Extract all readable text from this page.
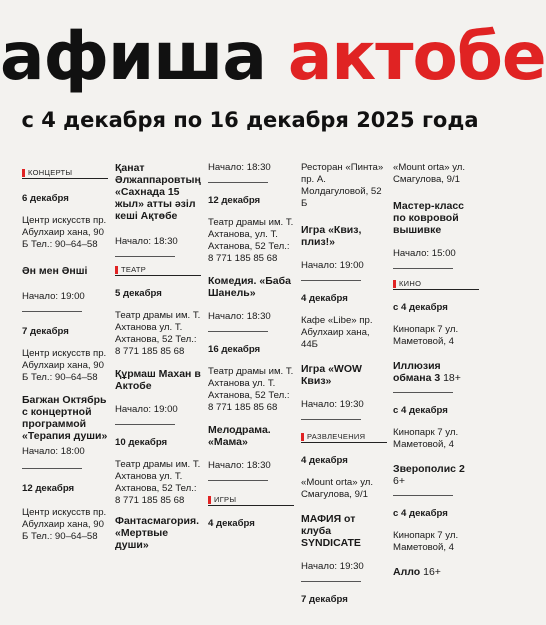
афиша актобе
с 4 декабря по 16 декабря 2025 года
КОНЦЕРТЫ
6 декабря
Центр искусств пр. Абулхаир хана, 90 Б Тел.: 90–64–58
Ән мен Әнші
Начало: 19:00
7 декабря
Центр искусств пр. Абулхаир хана, 90 Б Тел.: 90–64–58
Багжан Октябрь с концертной программой «Терапия души»
Начало: 18:00
12 декабря
Центр искусств пр. Абулхаир хана, 90 Б Тел.: 90–64–58
Қанат Әлжаппаровтың «Сахнада 15 жыл» атты әзіл кеші Ақтөбе
Начало: 18:30
ТЕАТР
5 декабря
Театр драмы им. Т. Ахтанова ул. Т. Ахтанова, 52 Тел.: 8 771 185 85 68
Құрмаш Махан в Актобе
Начало: 19:00
10 декабря
Театр драмы им. Т. Ахтанова ул. Т. Ахтанова, 52 Тел.: 8 771 185 85 68
Фантасмагория. «Мертвые души»
Начало: 18:30
12 декабря
Театр драмы им. Т. Ахтанова, ул. Т. Ахтанова, 52 Тел.: 8 771 185 85 68
Комедия. «Баба Шанель»
Начало: 18:30
16 декабря
Театр драмы им. Т. Ахтанова ул. Т. Ахтанова, 52 Тел.: 8 771 185 85 68
Мелодрама. «Мама»
Начало: 18:30
ИГРЫ
4 декабря
Ресторан «Пинта» пр. А. Молдагуловой, 52 Б
Игра «Квиз, плиз!»
Начало: 19:00
4 декабря
Кафе «Libe» пр. Абулхаир хана, 44Б
Игра «WOW Квиз»
Начало: 19:30
РАЗВЛЕЧЕНИЯ
4 декабря
«Mount orta» ул. Смагулова, 9/1
МАФИЯ от клуба SYNDICATE
Начало: 19:30
7 декабря
«Mount orta» ул. Смагулова, 9/1
Мастер-класс по ковровой вышивке
Начало: 15:00
КИНО
с 4 декабря
Кинопарк 7 ул. Маметовой, 4
Иллюзия обмана 3 18+
с 4 декабря
Кинопарк 7 ул. Маметовой, 4
Зверополис 2 6+
с 4 декабря
Кинопарк 7 ул. Маметовой, 4
Алло 16+
